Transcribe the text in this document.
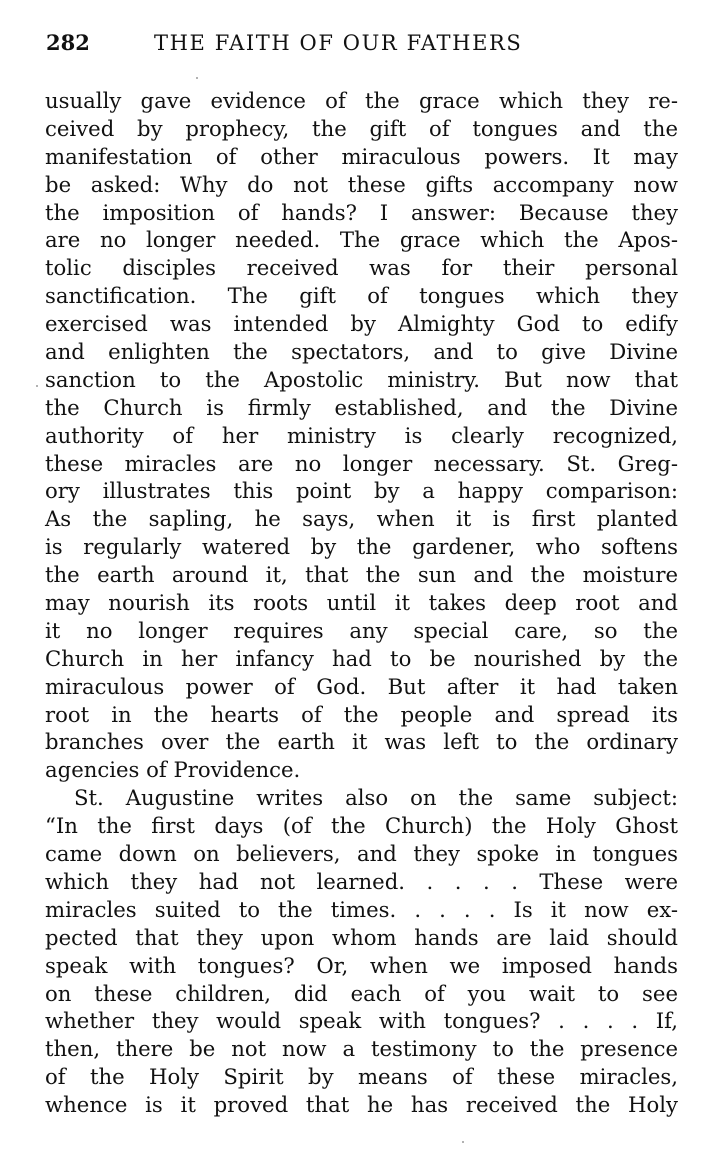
282	THE FAITH OF OUR FATHERS
usually gave evidence of the grace which they re-
ceived by prophecy, the gift of tongues and the
manifestation of other miraculous powers. It may
be asked: Why do not these gifts accompany now
the imposition of hands? I answer: Because they
are no longer needed. The grace which the Apos-
tolic disciples received was for their personal
sanctification. The gift of tongues which they
exercised was intended by Almighty God to edify
and enlighten the spectators, and to give Divine
sanction to the Apostolic ministry. But now that
the Church is firmly established, and the Divine
authority of her ministry is clearly recognized,
these miracles are no longer necessary. St. Greg-
ory illustrates this point by a happy comparison:
As the sapling, he says, when it is first planted
is regularly watered by the gardener, who softens
the earth around it, that the sun and the moisture
may nourish its roots until it takes deep root and
it no longer requires any special care, so the
Church in her infancy had to be nourished by the
miraculous power of God. But after it had taken
root in the hearts of the people and spread its
branches over the earth it was left to the ordinary
agencies of Providence.
St. Augustine writes also on the same subject:
“In the first days (of the Church) the Holy Ghost
came down on believers, and they spoke in tongues
which they had not learned. . . . . These were
miracles suited to the times. . . . . Is it now ex-
pected that they upon whom hands are laid should
speak with tongues? Or, when we imposed hands
on these children, did each of you wait to see
whether they would speak with tongues? . . . . If,
then, there be not now a testimony to the presence
of the Holy Spirit by means of these miracles,
whence is it proved that he has received the Holy
